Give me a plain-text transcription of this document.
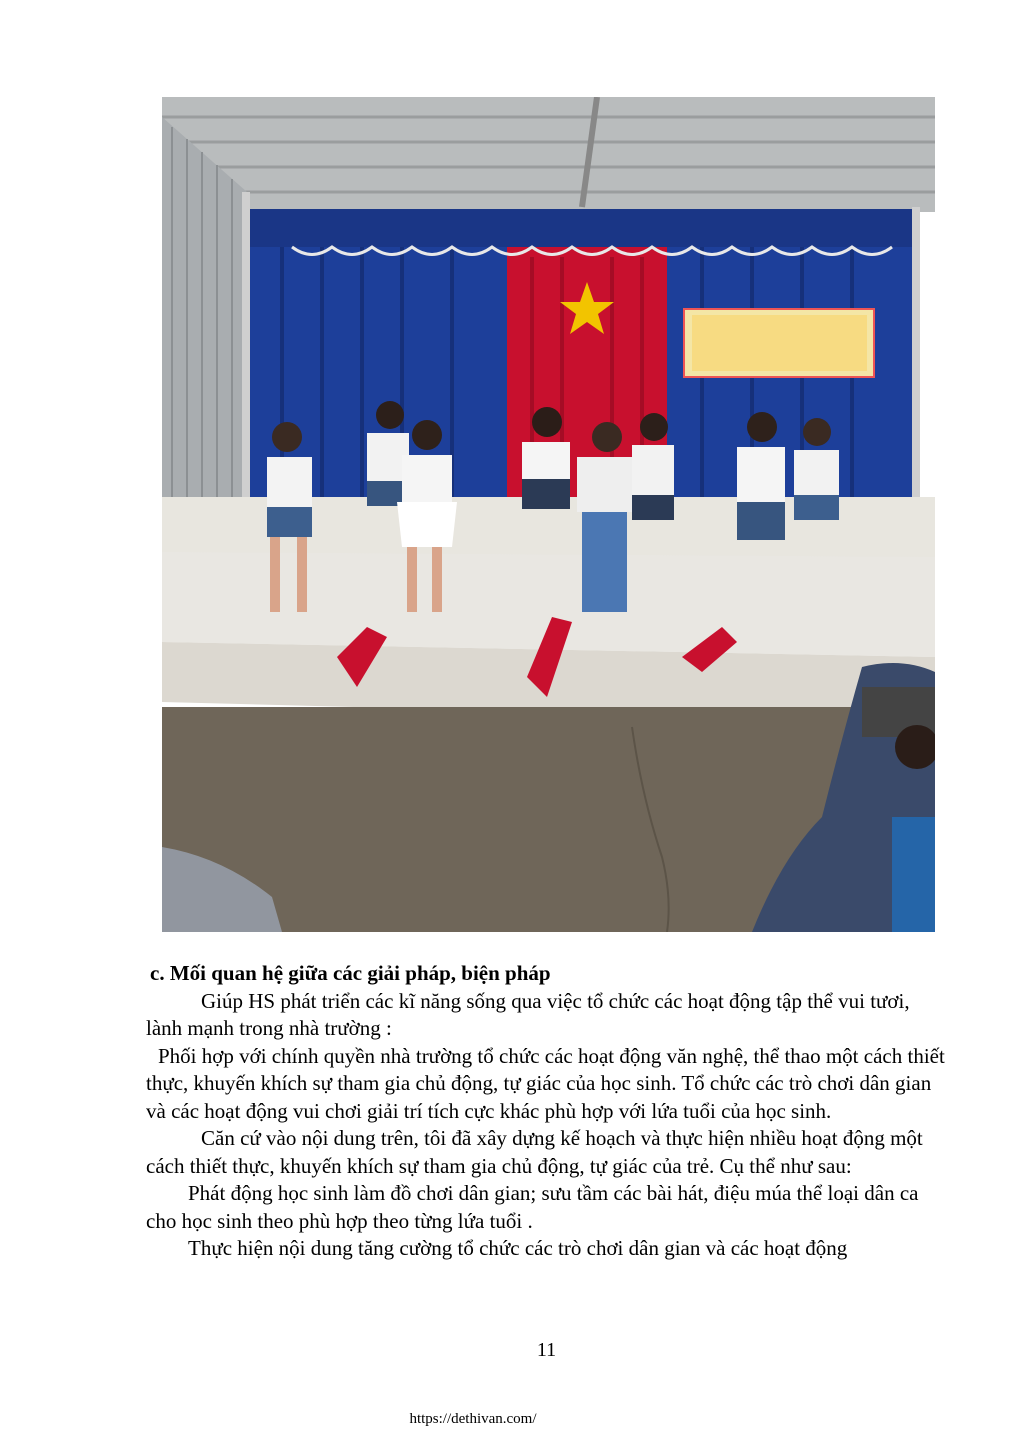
c. Mối quan hệ giữa các giải pháp, biện pháp

Giúp HS phát triển các kĩ năng sống qua việc tổ chức các hoạt động tập thể vui tươi, lành mạnh trong nhà trường :

Phối hợp với chính quyền nhà trường tổ chức các hoạt động văn nghệ, thể thao một cách thiết thực, khuyến khích sự tham gia chủ động, tự giác của học sinh. Tổ chức các trò chơi dân gian và các hoạt động vui chơi giải trí tích cực khác phù hợp với lứa tuổi của học sinh.

Căn cứ vào nội dung trên, tôi đã xây dựng kế hoạch và thực hiện nhiều hoạt động một cách thiết thực, khuyến khích sự tham gia chủ động, tự giác của trẻ. Cụ thể như sau:

Phát động học sinh làm đồ chơi dân gian; sưu tầm các bài hát, điệu múa thể loại dân ca cho học sinh theo phù hợp theo từng lứa tuổi .

Thực hiện nội dung tăng cường tổ chức các trò chơi dân gian và các hoạt động

11
https://dethivan.com/
